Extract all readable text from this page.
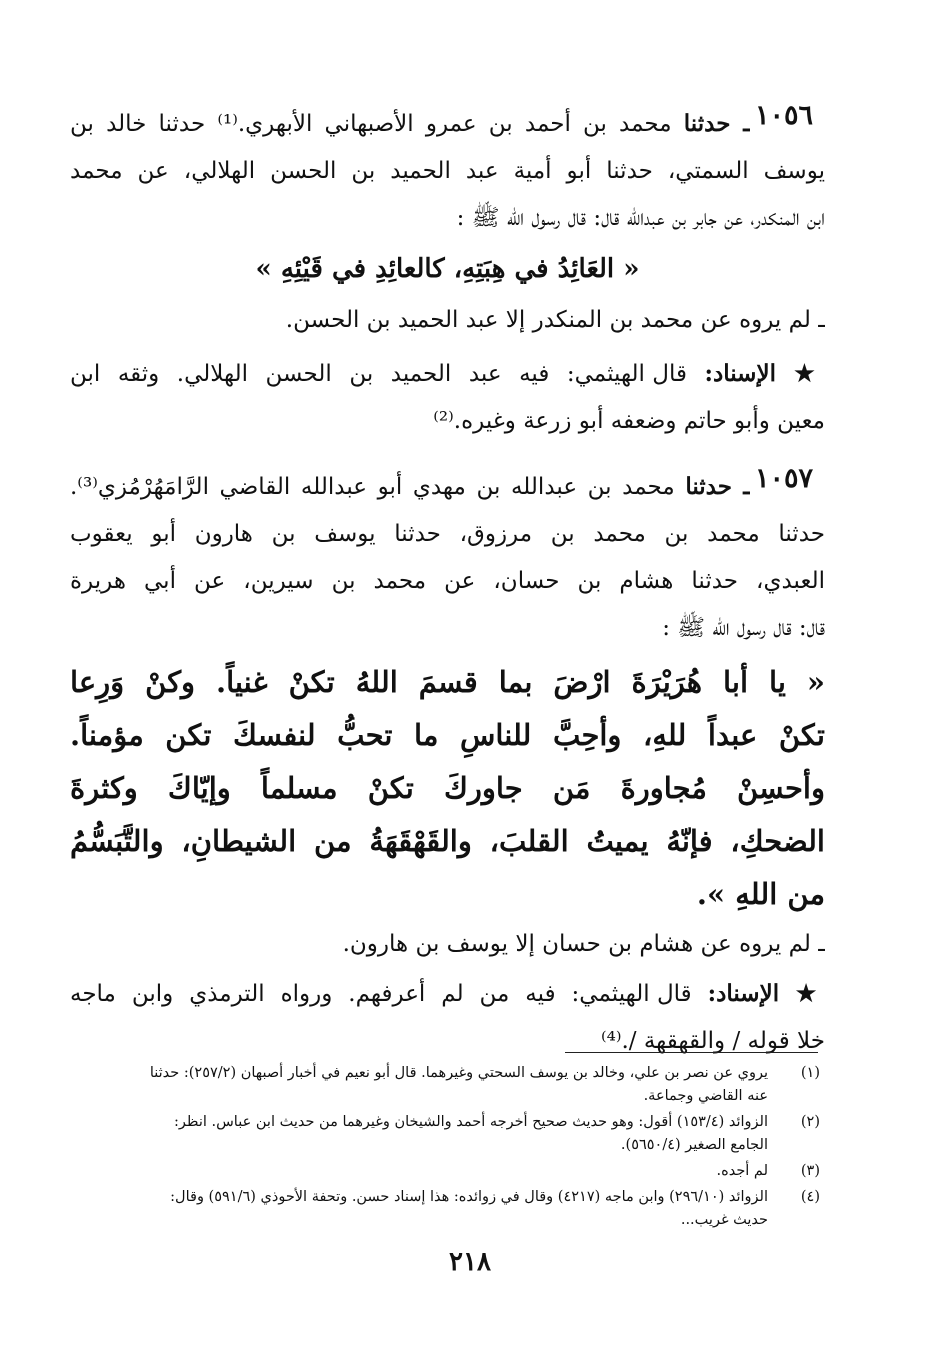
١٠٥٦
ـ حدثنا محمد بن أحمد بن عمرو الأصبهاني الأبهري.⁽¹⁾ حدثنا خالد بن
يوسف السمتي، حدثنا أبو أمية عبد الحميد بن الحسن الهلالي، عن محمد
ابن المنكدر، عن جابر بن عبدالله قال: قال رسول الله ﷺ :
« العَائِدُ في هِبَتِهِ، كالعائِدِ في قَيْئِهِ »
ـ لم يروه عن محمد بن المنكدر إلا عبد الحميد بن الحسن.
★ الإسناد: قال الهيثمي: فيه عبد الحميد بن الحسن الهلالي. وثقه ابن
معين وأبو حاتم وضعفه أبو زرعة وغيره.⁽²⁾
١٠٥٧
ـ حدثنا محمد بن عبدالله بن مهدي أبو عبدالله القاضي الرَّامَهُرْمُزي⁽³⁾.
حدثنا محمد بن محمد بن مرزوق، حدثنا يوسف بن هارون أبو يعقوب
العبدي، حدثنا هشام بن حسان، عن محمد بن سيرين، عن أبي هريرة
قال: قال رسول الله ﷺ :
« يا أبا هُرَيْرَةَ ارْضَ بما قسمَ اللهُ تكنْ غنياً. وكنْ وَرِعا
تكنْ عبداً للهِ، وأحِبَّ للناسِ ما تحبُّ لنفسكَ تكن مؤمناً.
وأحسِنْ مُجاورةَ مَن جاوركَ تكنْ مسلماً وإيّاكَ وكثرةَ
الضحكِ، فإنّهُ يميتُ القلبَ، والقَهْقَهَةُ من الشيطانِ، والتَّبَسُّمُ
من اللهِ ».
ـ لم يروه عن هشام بن حسان إلا يوسف بن هارون.
★ الإسناد: قال الهيثمي: فيه من لم أعرفهم. ورواه الترمذي وابن ماجه
خلا قوله / والقهقهة /.⁽⁴⁾
(١)
يروي عن نصر بن علي، وخالد بن يوسف السحتي وغيرهما. قال أبو نعيم في أخبار أصبهان (٢٥٧/٢): حدثنا
عنه القاضي وجماعة.
(٢)
الزوائد (١٥٣/٤) أقول: وهو حديث صحيح أخرجه أحمد والشيخان وغيرهما من حديث ابن عباس. انظر:
الجامع الصغير (٥٦٥٠/٤).
(٣)
لم أجده.
(٤)
الزوائد (٢٩٦/١٠) وابن ماجه (٤٢١٧) وقال في زوائده: هذا إسناد حسن. وتحفة الأحوذي (٥٩١/٦) وقال:
حديث غريب...
٢١٨
